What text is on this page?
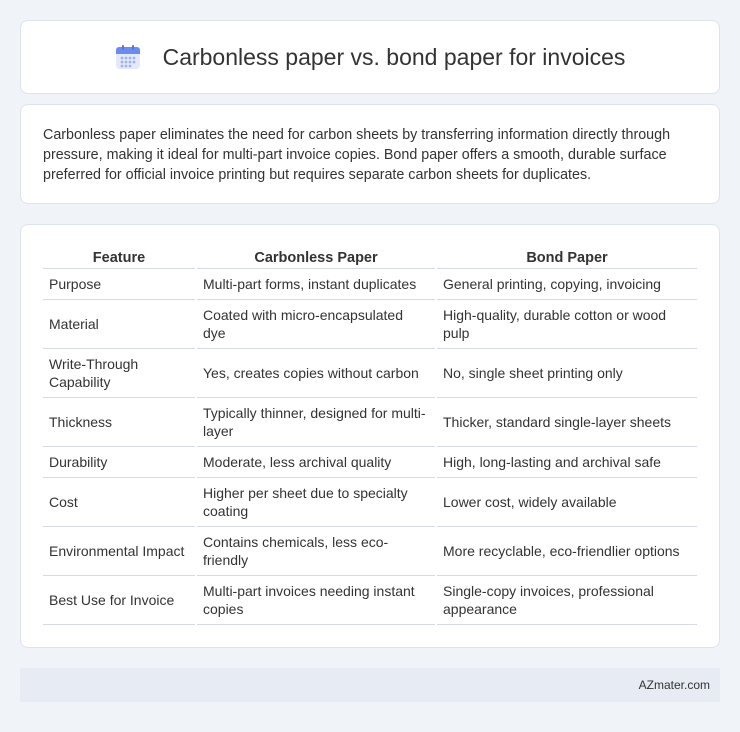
Carbonless paper vs. bond paper for invoices

Carbonless paper eliminates the need for carbon sheets by transferring information directly through pressure, making it ideal for multi-part invoice copies. Bond paper offers a smooth, durable surface preferred for official invoice printing but requires separate carbon sheets for duplicates.

Feature	Carbonless Paper	Bond Paper
Purpose	Multi-part forms, instant duplicates	General printing, copying, invoicing
Material	Coated with micro-encapsulated dye	High-quality, durable cotton or wood pulp
Write-Through Capability	Yes, creates copies without carbon	No, single sheet printing only
Thickness	Typically thinner, designed for multi-layer	Thicker, standard single-layer sheets
Durability	Moderate, less archival quality	High, long-lasting and archival safe
Cost	Higher per sheet due to specialty coating	Lower cost, widely available
Environmental Impact	Contains chemicals, less eco-friendly	More recyclable, eco-friendlier options
Best Use for Invoice	Multi-part invoices needing instant copies	Single-copy invoices, professional appearance
AZmater.com
